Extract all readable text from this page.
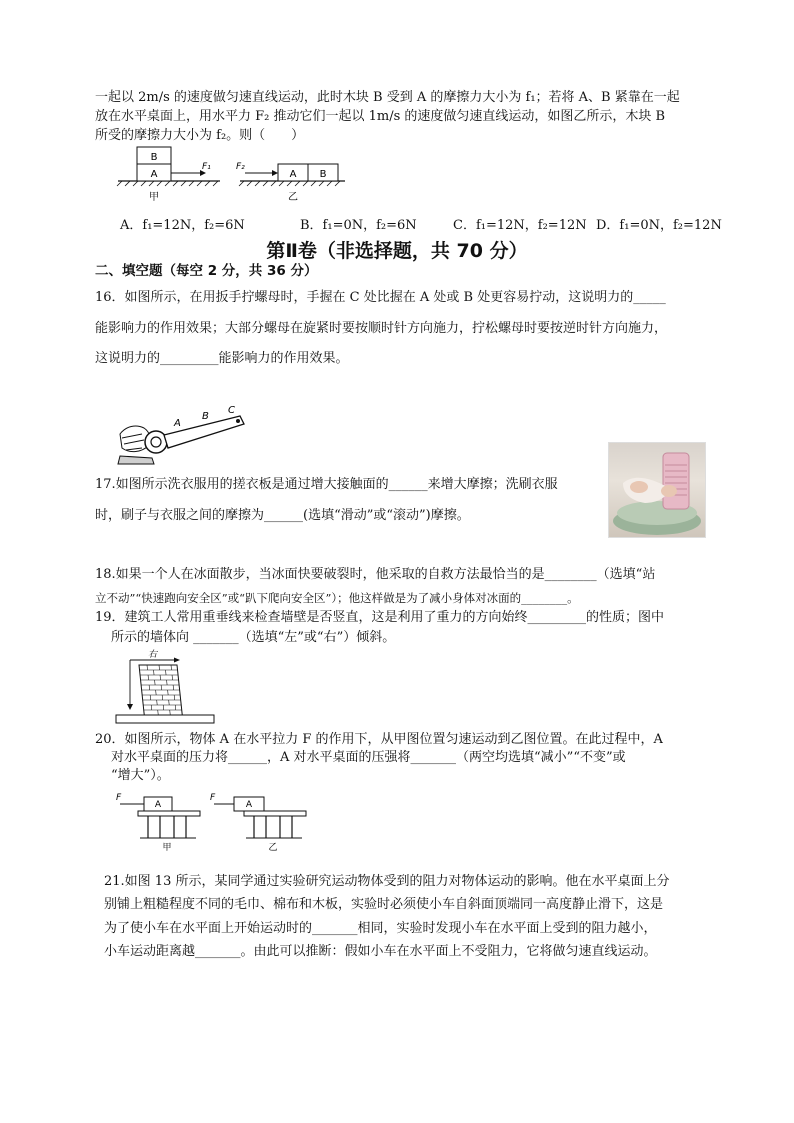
一起以 2m/s 的速度做匀速直线运动，此时木块 B 受到 A 的摩擦力大小为 f₁；若将 A、B 紧靠在一起
放在水平桌面上，用水平力 F₂ 推动它们一起以 1m/s 的速度做匀速直线运动，如图乙所示，木块 B
所受的摩擦力大小为 f₂。则（　　）
A
B
F₁
甲
A B
F₂
乙
A．f₁=12N，f₂=6N	B．f₁=0N，f₂=6N	C．f₁=12N，f₂=12N D．f₁=0N，f₂=12N
第Ⅱ卷（非选择题，共 70 分）
二、填空题（每空 2 分，共 36 分）
16．如图所示，在用扳手拧螺母时，手握在 C 处比握在 A 处或 B 处更容易拧动，这说明力的_____
能影响力的作用效果；大部分螺母在旋紧时要按顺时针方向施力，拧松螺母时要按逆时针方向施力，
这说明力的_________能影响力的作用效果。
A
B
C
17.如图所示洗衣服用的搓衣板是通过增大接触面的______来增大摩擦；洗刷衣服
时，刷子与衣服之间的摩擦为______(选填“滑动”或“滚动”)摩擦。
18.如果一个人在冰面散步，当冰面快要破裂时，他采取的自救方法最恰当的是________（选填“站
立不动”“快速跑向安全区”或“趴下爬向安全区”）；他这样做是为了减小身体对冰面的________。
19．建筑工人常用重垂线来检查墙壁是否竖直，这是利用了重力的方向始终_________的性质；图中
所示的墙体向 _______（选填“左”或“右”）倾斜。
右
20．如图所示，物体 A 在水平拉力 F 的作用下，从甲图位置匀速运动到乙图位置。在此过程中，A
对水平桌面的压力将______，A 对水平桌面的压强将_______（两空均选填“减小”“不变”或
“增大”）。
F
A
甲
F
A
乙
21.如图 13 所示，某同学通过实验研究运动物体受到的阻力对物体运动的影响。他在水平桌面上分
别铺上粗糙程度不同的毛巾、棉布和木板，实验时必须使小车自斜面顶端同一高度静止滑下，这是
为了使小车在水平面上开始运动时的_______相同，实验时发现小车在水平面上受到的阻力越小，
小车运动距离越_______。由此可以推断：假如小车在水平面上不受阻力，它将做匀速直线运动。
